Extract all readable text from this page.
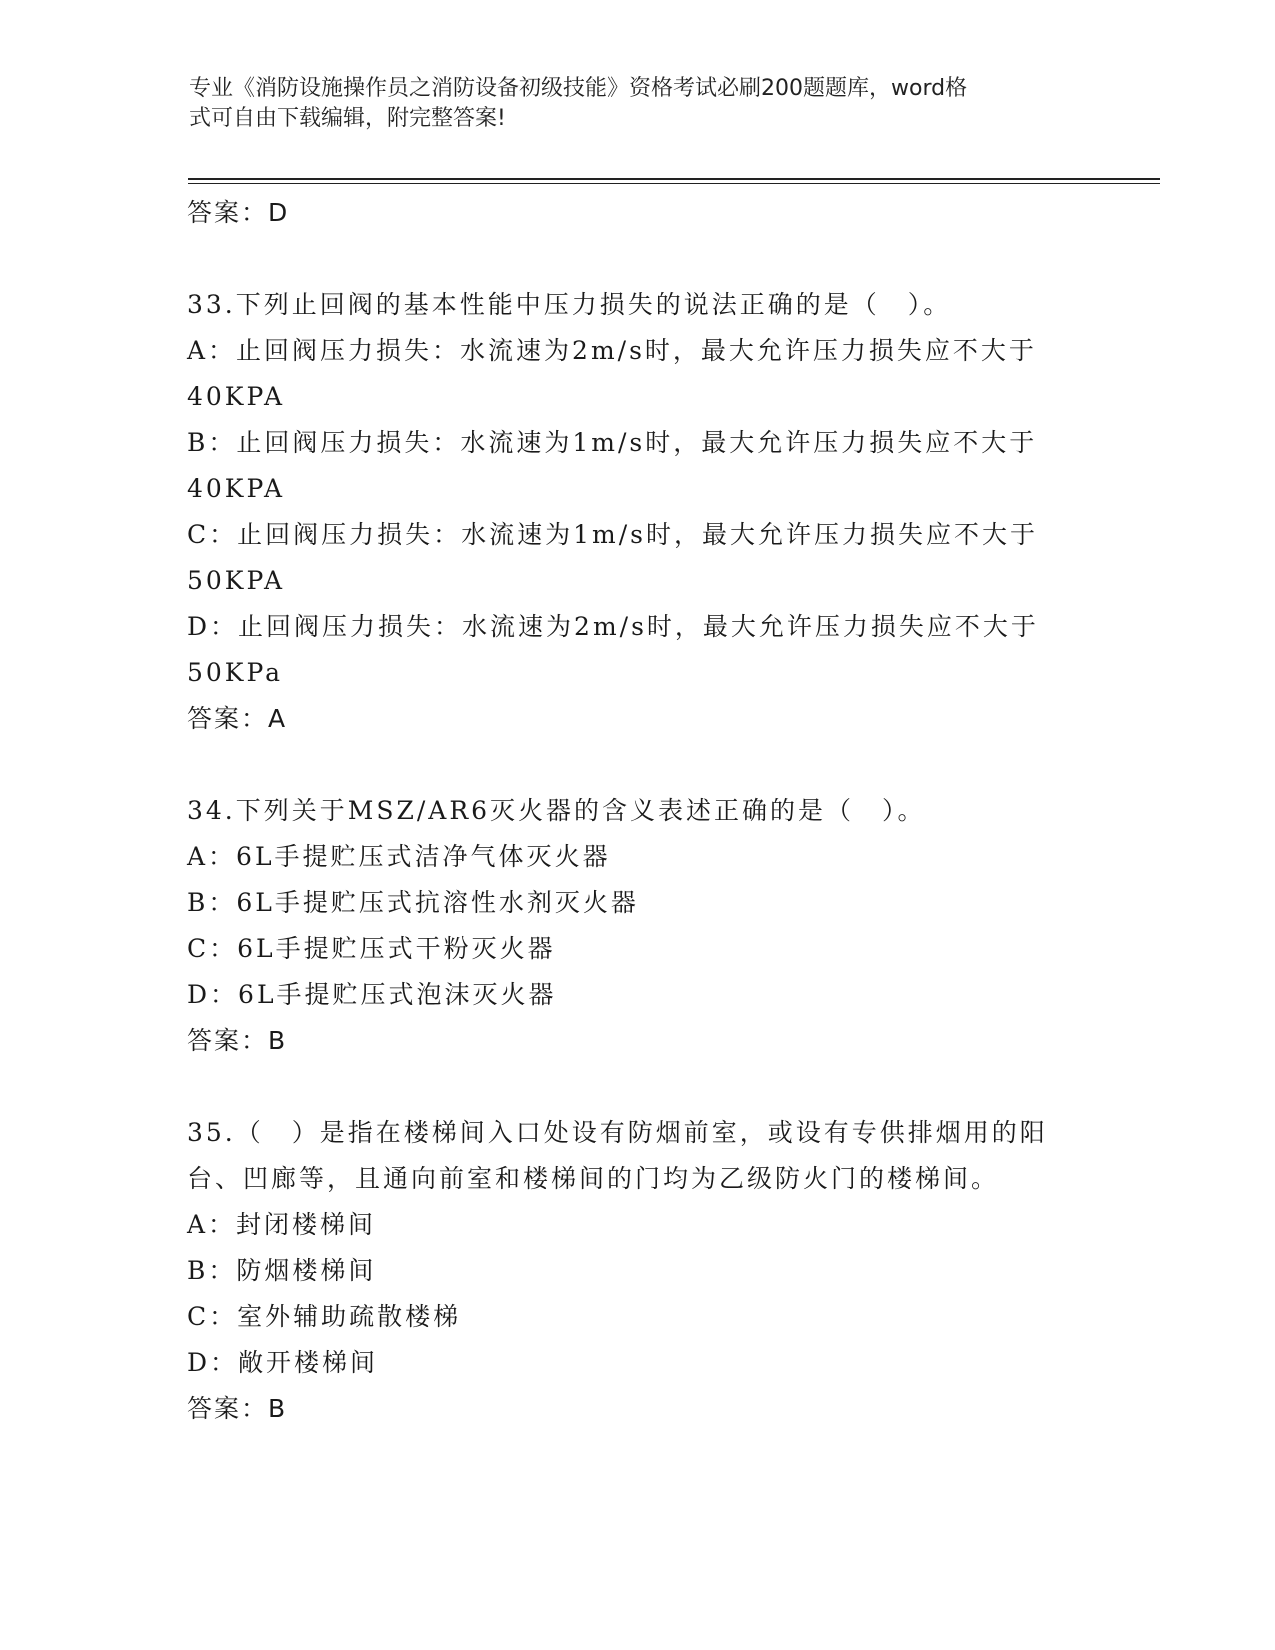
专业《消防设施操作员之消防设备初级技能》资格考试必刷200题题库，word格
式可自由下载编辑，附完整答案!
答案：D
33.下列止回阀的基本性能中压力损失的说法正确的是（　）。
A：止回阀压力损失：水流速为2m/s时，最大允许压力损失应不大于
40KPA
B：止回阀压力损失：水流速为1m/s时，最大允许压力损失应不大于
40KPA
C：止回阀压力损失：水流速为1m/s时，最大允许压力损失应不大于
50KPA
D：止回阀压力损失：水流速为2m/s时，最大允许压力损失应不大于
50KPa
答案：A
34.下列关于MSZ/AR6灭火器的含义表述正确的是（　）。
A：6L手提贮压式洁净气体灭火器
B：6L手提贮压式抗溶性水剂灭火器
C：6L手提贮压式干粉灭火器
D：6L手提贮压式泡沫灭火器
答案：B
35.（　）是指在楼梯间入口处设有防烟前室，或设有专供排烟用的阳
台、凹廊等，且通向前室和楼梯间的门均为乙级防火门的楼梯间。
A：封闭楼梯间
B：防烟楼梯间
C：室外辅助疏散楼梯
D：敞开楼梯间
答案：B
